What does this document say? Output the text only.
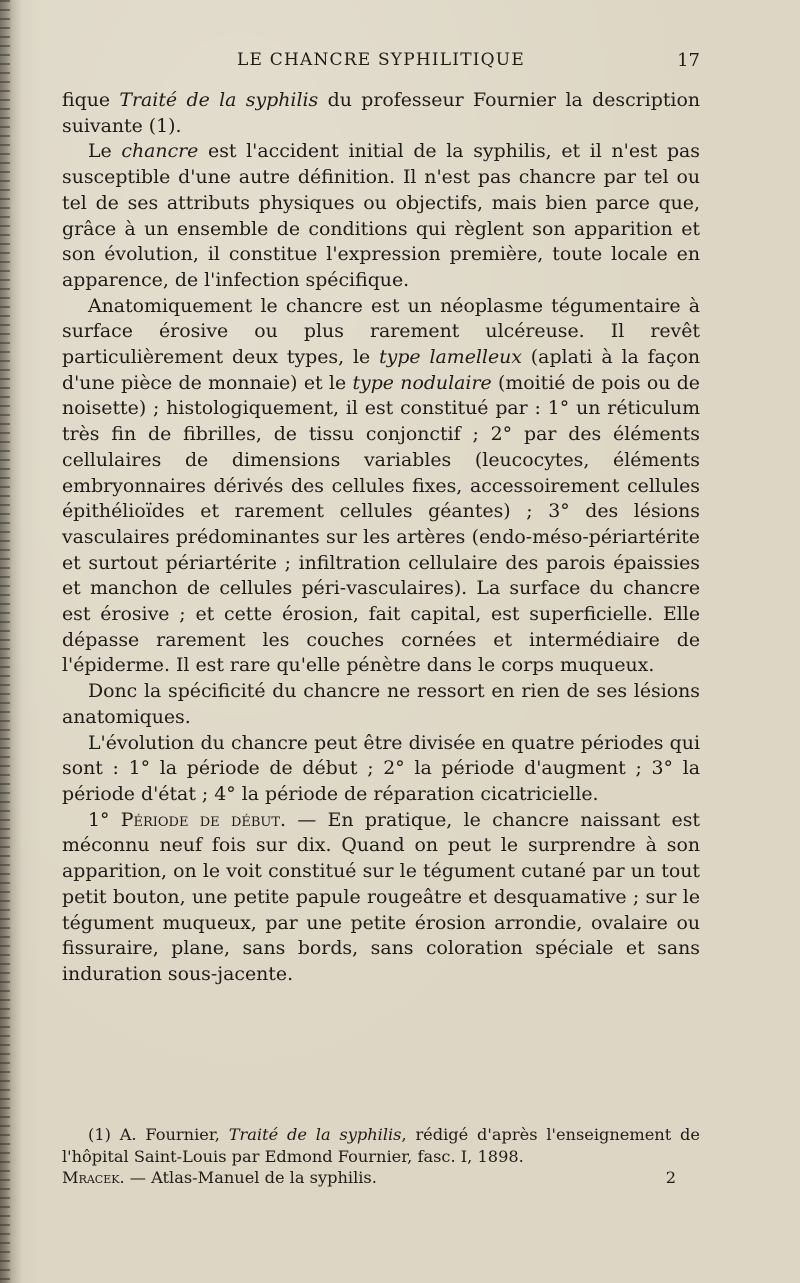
LE CHANCRE SYPHILITIQUE	17

fique Traité de la syphilis du professeur Fournier la description suivante (1).

Le chancre est l'accident initial de la syphilis, et il n'est pas susceptible d'une autre définition. Il n'est pas chancre par tel ou tel de ses attributs physiques ou objectifs, mais bien parce que, grâce à un ensemble de conditions qui règlent son apparition et son évolution, il constitue l'expression première, toute locale en apparence, de l'infection spécifique.

Anatomiquement le chancre est un néoplasme tégumentaire à surface érosive ou plus rarement ulcéreuse. Il revêt particulièrement deux types, le type lamelleux (aplati à la façon d'une pièce de monnaie) et le type nodulaire (moitié de pois ou de noisette) ; histologiquement, il est constitué par : 1° un réticulum très fin de fibrilles, de tissu conjonctif ; 2° par des éléments cellulaires de dimensions variables (leucocytes, éléments embryonnaires dérivés des cellules fixes, accessoirement cellules épithélioïdes et rarement cellules géantes) ; 3° des lésions vasculaires prédominantes sur les artères (endo-méso-périartérite et surtout périartérite ; infiltration cellulaire des parois épaissies et manchon de cellules péri-vasculaires). La surface du chancre est érosive ; et cette érosion, fait capital, est superficielle. Elle dépasse rarement les couches cornées et intermédiaire de l'épiderme. Il est rare qu'elle pénètre dans le corps muqueux.

Donc la spécificité du chancre ne ressort en rien de ses lésions anatomiques.

L'évolution du chancre peut être divisée en quatre périodes qui sont : 1° la période de début ; 2° la période d'augment ; 3° la période d'état ; 4° la période de réparation cicatricielle.

1° Période de début. — En pratique, le chancre naissant est méconnu neuf fois sur dix. Quand on peut le surprendre à son apparition, on le voit constitué sur le tégument cutané par un tout petit bouton, une petite papule rougeâtre et desquamative ; sur le tégument muqueux, par une petite érosion arrondie, ovalaire ou fissuraire, plane, sans bords, sans coloration spéciale et sans induration sous-jacente.

(1) A. Fournier, Traité de la syphilis, rédigé d'après l'enseignement de l'hôpital Saint-Louis par Edmond Fournier, fasc. I, 1898.

Mracek. — Atlas-Manuel de la syphilis.	2
